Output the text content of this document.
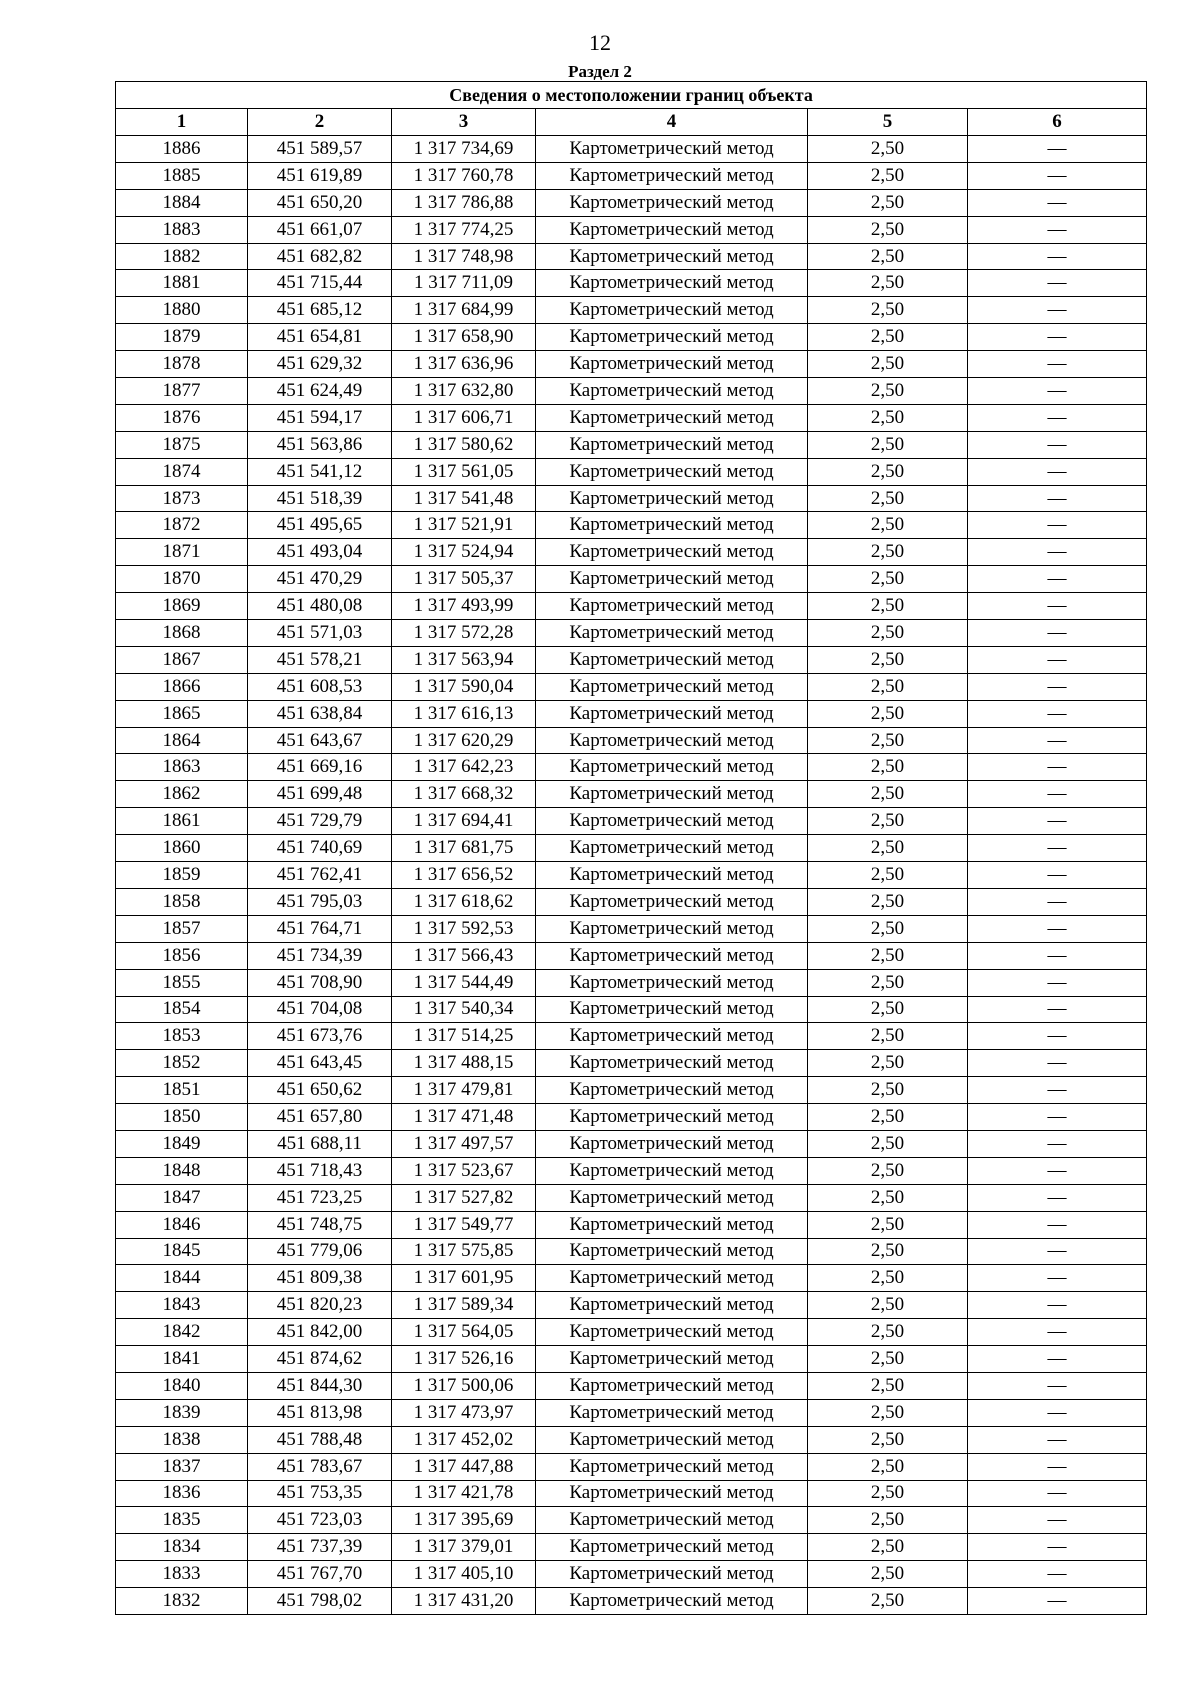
12
Раздел 2
Сведения о местоположении границ объекта					
1	2	3	4	5	6
1886	451 589,57	1 317 734,69	Картометрический метод	2,50	—
1885	451 619,89	1 317 760,78	Картометрический метод	2,50	—
1884	451 650,20	1 317 786,88	Картометрический метод	2,50	—
1883	451 661,07	1 317 774,25	Картометрический метод	2,50	—
1882	451 682,82	1 317 748,98	Картометрический метод	2,50	—
1881	451 715,44	1 317 711,09	Картометрический метод	2,50	—
1880	451 685,12	1 317 684,99	Картометрический метод	2,50	—
1879	451 654,81	1 317 658,90	Картометрический метод	2,50	—
1878	451 629,32	1 317 636,96	Картометрический метод	2,50	—
1877	451 624,49	1 317 632,80	Картометрический метод	2,50	—
1876	451 594,17	1 317 606,71	Картометрический метод	2,50	—
1875	451 563,86	1 317 580,62	Картометрический метод	2,50	—
1874	451 541,12	1 317 561,05	Картометрический метод	2,50	—
1873	451 518,39	1 317 541,48	Картометрический метод	2,50	—
1872	451 495,65	1 317 521,91	Картометрический метод	2,50	—
1871	451 493,04	1 317 524,94	Картометрический метод	2,50	—
1870	451 470,29	1 317 505,37	Картометрический метод	2,50	—
1869	451 480,08	1 317 493,99	Картометрический метод	2,50	—
1868	451 571,03	1 317 572,28	Картометрический метод	2,50	—
1867	451 578,21	1 317 563,94	Картометрический метод	2,50	—
1866	451 608,53	1 317 590,04	Картометрический метод	2,50	—
1865	451 638,84	1 317 616,13	Картометрический метод	2,50	—
1864	451 643,67	1 317 620,29	Картометрический метод	2,50	—
1863	451 669,16	1 317 642,23	Картометрический метод	2,50	—
1862	451 699,48	1 317 668,32	Картометрический метод	2,50	—
1861	451 729,79	1 317 694,41	Картометрический метод	2,50	—
1860	451 740,69	1 317 681,75	Картометрический метод	2,50	—
1859	451 762,41	1 317 656,52	Картометрический метод	2,50	—
1858	451 795,03	1 317 618,62	Картометрический метод	2,50	—
1857	451 764,71	1 317 592,53	Картометрический метод	2,50	—
1856	451 734,39	1 317 566,43	Картометрический метод	2,50	—
1855	451 708,90	1 317 544,49	Картометрический метод	2,50	—
1854	451 704,08	1 317 540,34	Картометрический метод	2,50	—
1853	451 673,76	1 317 514,25	Картометрический метод	2,50	—
1852	451 643,45	1 317 488,15	Картометрический метод	2,50	—
1851	451 650,62	1 317 479,81	Картометрический метод	2,50	—
1850	451 657,80	1 317 471,48	Картометрический метод	2,50	—
1849	451 688,11	1 317 497,57	Картометрический метод	2,50	—
1848	451 718,43	1 317 523,67	Картометрический метод	2,50	—
1847	451 723,25	1 317 527,82	Картометрический метод	2,50	—
1846	451 748,75	1 317 549,77	Картометрический метод	2,50	—
1845	451 779,06	1 317 575,85	Картометрический метод	2,50	—
1844	451 809,38	1 317 601,95	Картометрический метод	2,50	—
1843	451 820,23	1 317 589,34	Картометрический метод	2,50	—
1842	451 842,00	1 317 564,05	Картометрический метод	2,50	—
1841	451 874,62	1 317 526,16	Картометрический метод	2,50	—
1840	451 844,30	1 317 500,06	Картометрический метод	2,50	—
1839	451 813,98	1 317 473,97	Картометрический метод	2,50	—
1838	451 788,48	1 317 452,02	Картометрический метод	2,50	—
1837	451 783,67	1 317 447,88	Картометрический метод	2,50	—
1836	451 753,35	1 317 421,78	Картометрический метод	2,50	—
1835	451 723,03	1 317 395,69	Картометрический метод	2,50	—
1834	451 737,39	1 317 379,01	Картометрический метод	2,50	—
1833	451 767,70	1 317 405,10	Картометрический метод	2,50	—
1832	451 798,02	1 317 431,20	Картометрический метод	2,50	—
